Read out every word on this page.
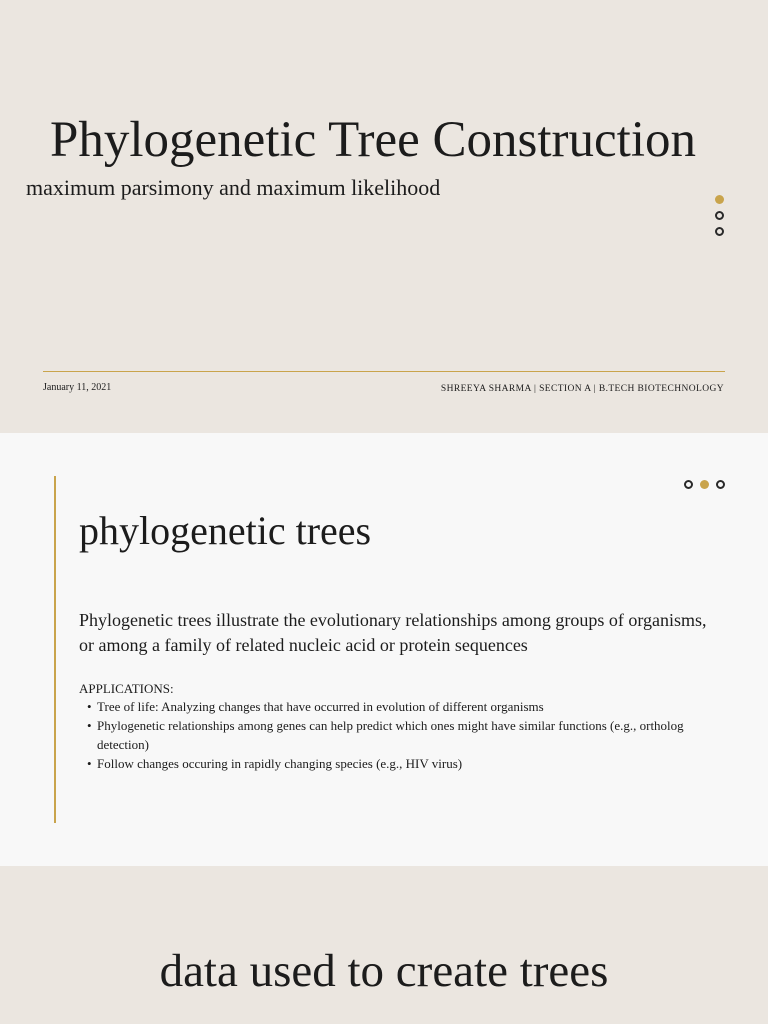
Phylogenetic Tree Construction
maximum parsimony and maximum likelihood
January 11, 2021	SHREEYA SHARMA | SECTION A | B.TECH BIOTECHNOLOGY
phylogenetic trees

Phylogenetic trees illustrate the evolutionary relationships among groups of organisms, or among a family of related nucleic acid or protein sequences

APPLICATIONS:
• Tree of life: Analyzing changes that have occurred in evolution of different organisms
• Phylogenetic relationships among genes can help predict which ones might have similar functions (e.g., ortholog detection)
• Follow changes occuring in rapidly changing species (e.g., HIV virus)
data used to create trees
